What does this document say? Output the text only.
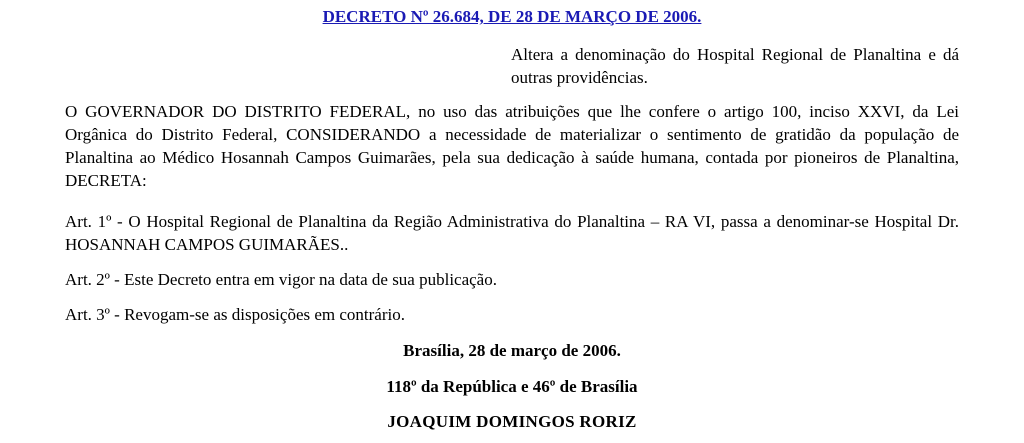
DECRETO Nº 26.684, DE 28 DE MARÇO DE 2006.
Altera a denominação do Hospital Regional de Planaltina e dá outras providências.

O GOVERNADOR DO DISTRITO FEDERAL, no uso das atribuições que lhe confere o artigo 100, inciso XXVI, da Lei Orgânica do Distrito Federal, CONSIDERANDO a necessidade de materializar o sentimento de gratidão da população de Planaltina ao Médico Hosannah Campos Guimarães, pela sua dedicação à saúde humana, contada por pioneiros de Planaltina, DECRETA:

Art. 1º - O Hospital Regional de Planaltina da Região Administrativa do Planaltina – RA VI, passa a denominar-se Hospital Dr. HOSANNAH CAMPOS GUIMARÃES..

Art. 2º - Este Decreto entra em vigor na data de sua publicação.

Art. 3º - Revogam-se as disposições em contrário.

Brasília, 28 de março de 2006.
118º da República e 46º de Brasília
JOAQUIM DOMINGOS RORIZ
